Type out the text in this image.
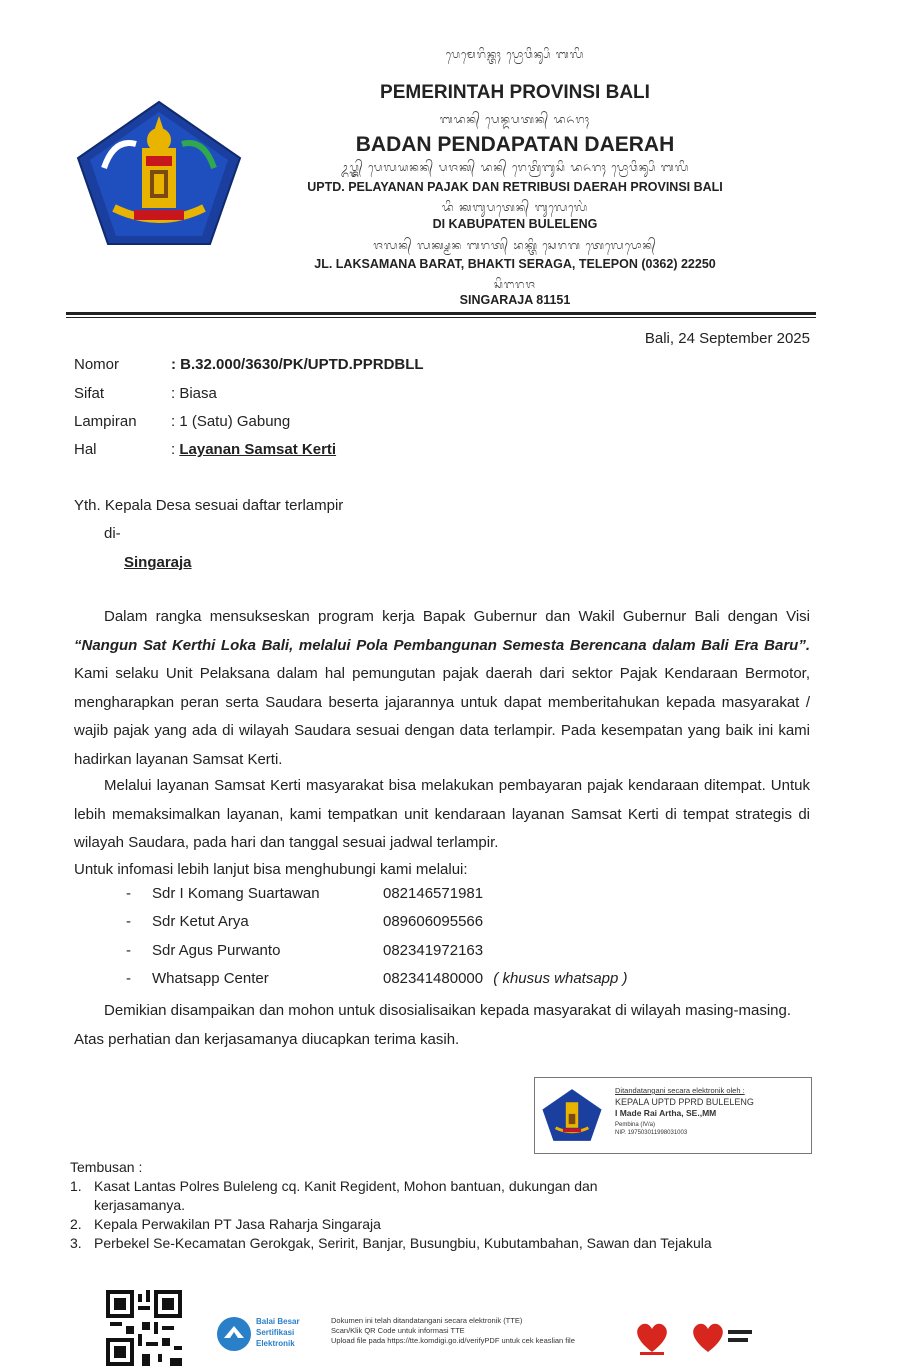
ᬧᬾᬫᬾᬭᬶᬦ᭄ᬢᬄ ᬧ᭄ᬭᭀᬯᬶᬦ᭄ᬲᬶ ᬩᬮᬶ
PEMERINTAH PROVINSI BALI
ᬩᬤᬦ᭄ ᬧᬾᬦ᭄ᬤᬧᬢᬦ᭄ ᬤᬏᬭᬄ
BADAN PENDAPATAN DAERAH
ᬉᬧ᭄ᬢ᭄ᬤ᭄ ᬧᬾᬮᬬᬦᬦ᭄ ᬧᬚᬓ᭄ ᬤᬦ᭄ ᬭᬾᬢ᭄ᬭᬶᬩᬸᬲᬶ ᬤᬏᬭᬄ ᬧ᭄ᬭᭀᬯᬶᬦ᭄ᬲᬶ ᬩᬮᬶ
UPTD. PELAYANAN PAJAK DAN RETRIBUSI DAERAH PROVINSI BALI
ᬤᬶ ᬓᬩᬸᬧᬢᬾᬦ᭄ ᬩᬸᬮᬾᬮᬾᬂ
DI KABUPATEN BULELENG
ᬚᬮᬦ᭄ ᬮᬓ᭄ᬱ᭄ᬫᬦ ᬩᬭᬢ᭄ ᬪᬓ᭄ᬢᬶ ᬲᬾᬭᬕ ᬢᬾᬮᬾᬧᭀᬦ᭄
JL. LAKSAMANA BARAT, BHAKTI SERAGA, TELEPON (0362) 22250
ᬲᬶᬗᬭᬚ
SINGARAJA 81151
Bali, 24 September 2025
Nomor	: B.32.000/3630/PK/UPTD.PPRDBLL
Sifat	: Biasa
Lampiran : 1 (Satu) Gabung
Hal	: Layanan Samsat Kerti
Yth. Kepala Desa sesuai daftar terlampir
di-
Singaraja
Dalam rangka mensukseskan program kerja Bapak Gubernur dan Wakil Gubernur Bali dengan Visi “Nangun Sat Kerthi Loka Bali, melalui Pola Pembangunan Semesta Berencana dalam Bali Era Baru”. Kami selaku Unit Pelaksana dalam hal pemungutan pajak daerah dari sektor Pajak Kendaraan Bermotor, mengharapkan peran serta Saudara beserta jajarannya untuk dapat memberitahukan kepada masyarakat / wajib pajak yang ada di wilayah Saudara sesuai dengan data terlampir. Pada kesempatan yang baik ini kami hadirkan layanan Samsat Kerti.
Melalui layanan Samsat Kerti masyarakat bisa melakukan pembayaran pajak kendaraan ditempat. Untuk lebih memaksimalkan layanan, kami tempatkan unit kendaraan layanan Samsat Kerti di tempat strategis di wilayah Saudara, pada hari dan tanggal sesuai jadwal terlampir.
Untuk infomasi lebih lanjut bisa menghubungi kami melalui:
- Sdr I Komang Suartawan	082146571981
- Sdr Ketut Arya	089606095566
- Sdr Agus Purwanto	082341972163
- Whatsapp Center	082341480000 ( khusus whatsapp )
Demikian disampaikan dan mohon untuk disosialisaikan kepada masyarakat di wilayah masing-masing. Atas perhatian dan kerjasamanya diucapkan terima kasih.
Ditandatangani secara elektronik oleh :
KEPALA UPTD PPRD BULELENG
I Made Rai Artha, SE.,MM
Pembina (IV/a)
NIP. 197503011998031003
Tembusan :
1. Kasat Lantas Polres Buleleng cq. Kanit Regident, Mohon bantuan, dukungan dan kerjasamanya.
2. Kepala Perwakilan PT Jasa Raharja Singaraja
3. Perbekel Se-Kecamatan Gerokgak, Seririt, Banjar, Busungbiu, Kubutambahan, Sawan dan Tejakula
Balai Besar
Sertifikasi
Elektronik
Dokumen ini telah ditandatangani secara elektronik (TTE)
Scan/Klik QR Code untuk informasi TTE
Upload file pada https://tte.komdigi.go.id/verifyPDF untuk cek keaslian file
